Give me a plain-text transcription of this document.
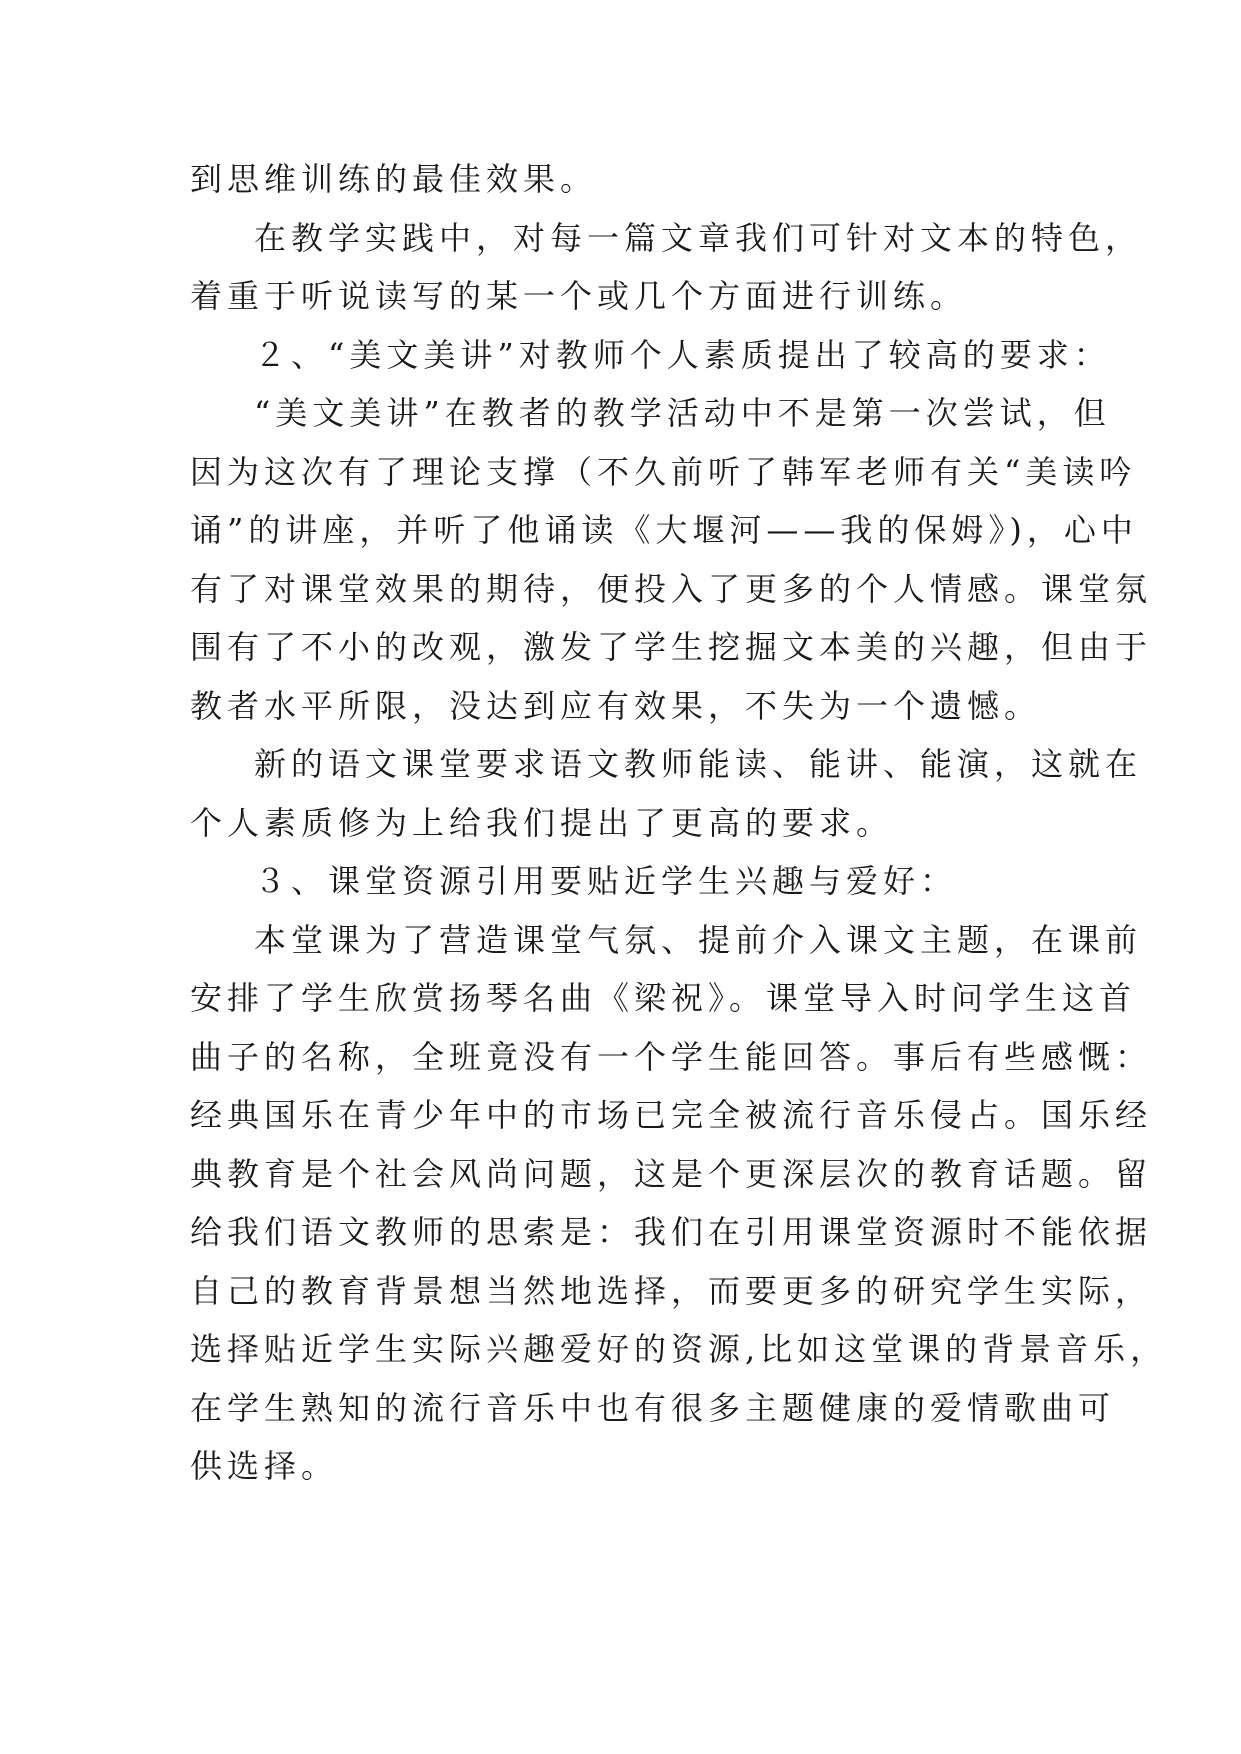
到思维训练的最佳效果。
在教学实践中，对每一篇文章我们可针对文本的特色，
着重于听说读写的某一个或几个方面进行训练。
２、“美文美讲”对教师个人素质提出了较高的要求：
“美文美讲”在教者的教学活动中不是第一次尝试，但
因为这次有了理论支撑（不久前听了韩军老师有关“美读吟
诵”的讲座，并听了他诵读《大堰河——我的保姆》)，心中
有了对课堂效果的期待，便投入了更多的个人情感。课堂氛
围有了不小的改观，激发了学生挖掘文本美的兴趣，但由于
教者水平所限，没达到应有效果，不失为一个遗憾。
新的语文课堂要求语文教师能读、能讲、能演，这就在
个人素质修为上给我们提出了更高的要求。
３、课堂资源引用要贴近学生兴趣与爱好：
本堂课为了营造课堂气氛、提前介入课文主题，在课前
安排了学生欣赏扬琴名曲《梁祝》。课堂导入时问学生这首
曲子的名称，全班竟没有一个学生能回答。事后有些感慨：
经典国乐在青少年中的市场已完全被流行音乐侵占。国乐经
典教育是个社会风尚问题，这是个更深层次的教育话题。留
给我们语文教师的思索是：我们在引用课堂资源时不能依据
自己的教育背景想当然地选择，而要更多的研究学生实际，
选择贴近学生实际兴趣爱好的资源,比如这堂课的背景音乐，
在学生熟知的流行音乐中也有很多主题健康的爱情歌曲可
供选择。
